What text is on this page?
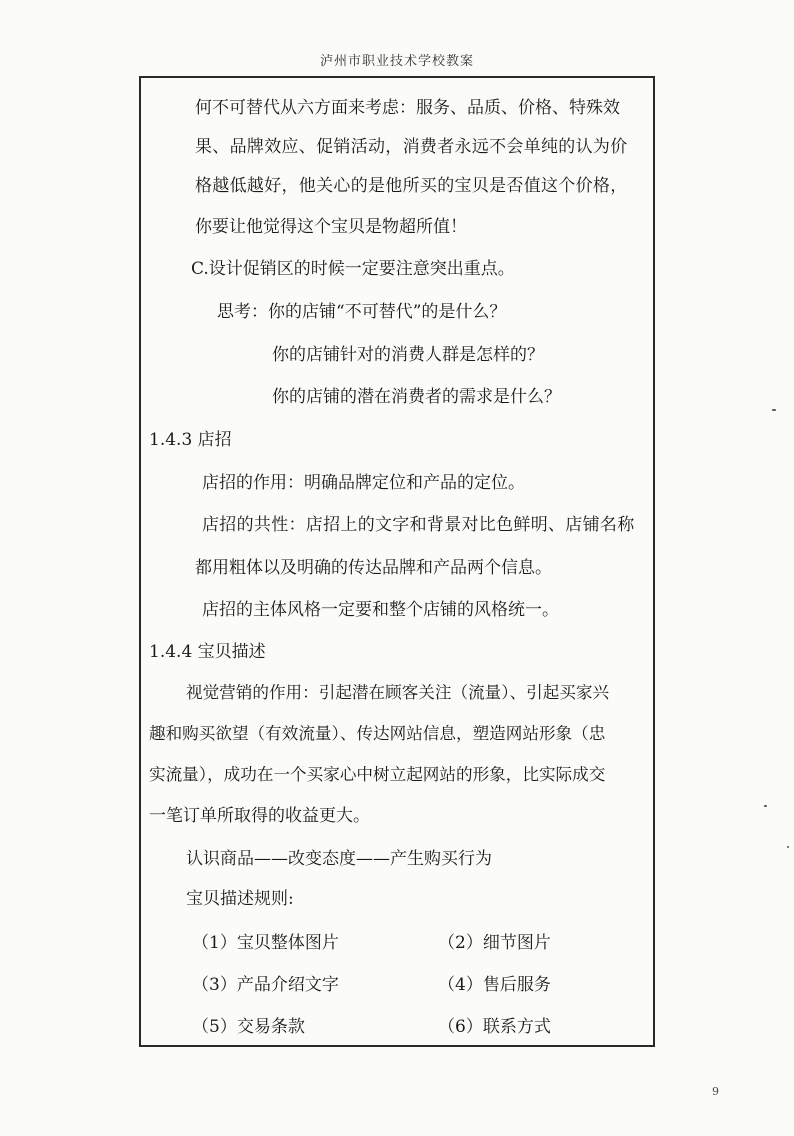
泸州市职业技术学校教案
何不可替代从六方面来考虑：服务、品质、价格、特殊效
果、品牌效应、促销活动，消费者永远不会单纯的认为价
格越低越好，他关心的是他所买的宝贝是否值这个价格，
你要让他觉得这个宝贝是物超所值！
C.设计促销区的时候一定要注意突出重点。
思考：你的店铺“不可替代”的是什么？
你的店铺针对的消费人群是怎样的？
你的店铺的潜在消费者的需求是什么？
1.4.3 店招
店招的作用：明确品牌定位和产品的定位。
店招的共性：店招上的文字和背景对比色鲜明、店铺名称
都用粗体以及明确的传达品牌和产品两个信息。
店招的主体风格一定要和整个店铺的风格统一。
1.4.4 宝贝描述
视觉营销的作用：引起潜在顾客关注（流量）、引起买家兴
趣和购买欲望（有效流量）、传达网站信息，塑造网站形象（忠
实流量），成功在一个买家心中树立起网站的形象，比实际成交
一笔订单所取得的收益更大。
认识商品——改变态度——产生购买行为
宝贝描述规则:
（1）宝贝整体图片	（2）细节图片
（3）产品介绍文字	（4）售后服务
（5）交易条款	（6）联系方式
9
